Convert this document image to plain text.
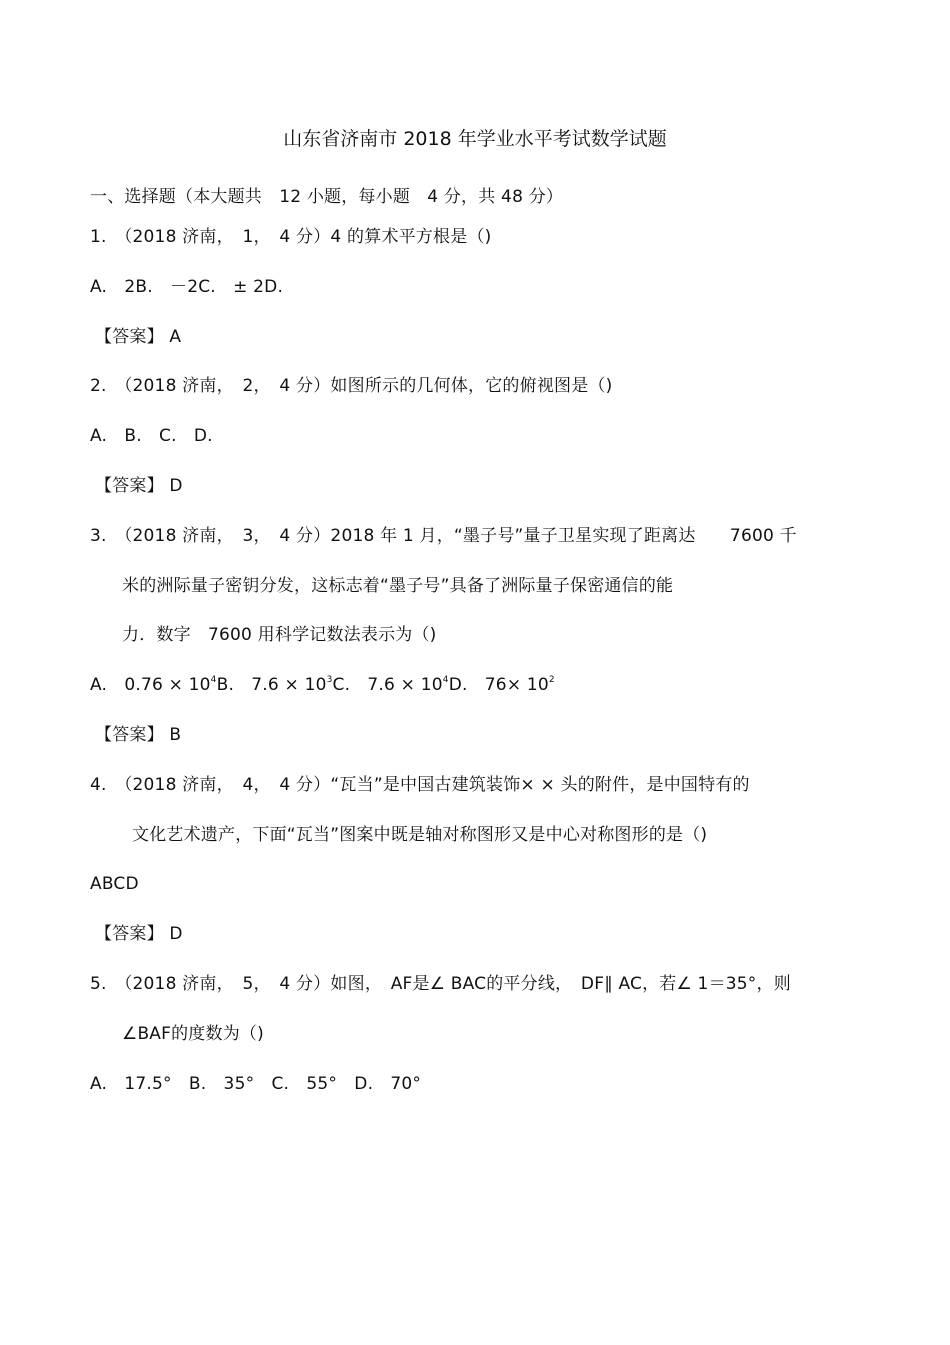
山东省济南市 2018 年学业水平考试数学试题
一、选择题（本大题共　12 小题，每小题　4 分，共 48 分）
1.　（2018 济南，　1，　4 分）4 的算术平方根是（)
A.　2B.　－2C.　± 2D.
【答案】 A
2.　（2018 济南，　2，　4 分）如图所示的几何体，它的俯视图是（)
A.　B.　C.　D.
【答案】 D
3.　（2018 济南，　3，　4 分）2018 年 1 月，“墨子号”量子卫星实现了距离达　　7600 千
米的洲际量子密钥分发，这标志着“墨子号”具备了洲际量子保密通信的能
力．数字　7600 用科学记数法表示为（)
A.　$0.76 \times 10^4B$.　$7.6 \times 10^3C$.　$7.6 \times 10^4D$.　$76\times 10^2$
【答案】 B
4.　（2018 济南，　4，　4 分）“瓦当”是中国古建筑装饰× × 头的附件，是中国特有的
文化艺术遗产，下面“瓦当”图案中既是轴对称图形又是中心对称图形的是（)
ABCD
【答案】 D
5.　（2018 济南，　5，　4 分）如图，　AF是∠ BAC的平分线，　DF∥ AC，若∠ 1＝35°，则
∠BAF的度数为（)
A.　17.5°　B.　35°　C.　55°　D.　70°
